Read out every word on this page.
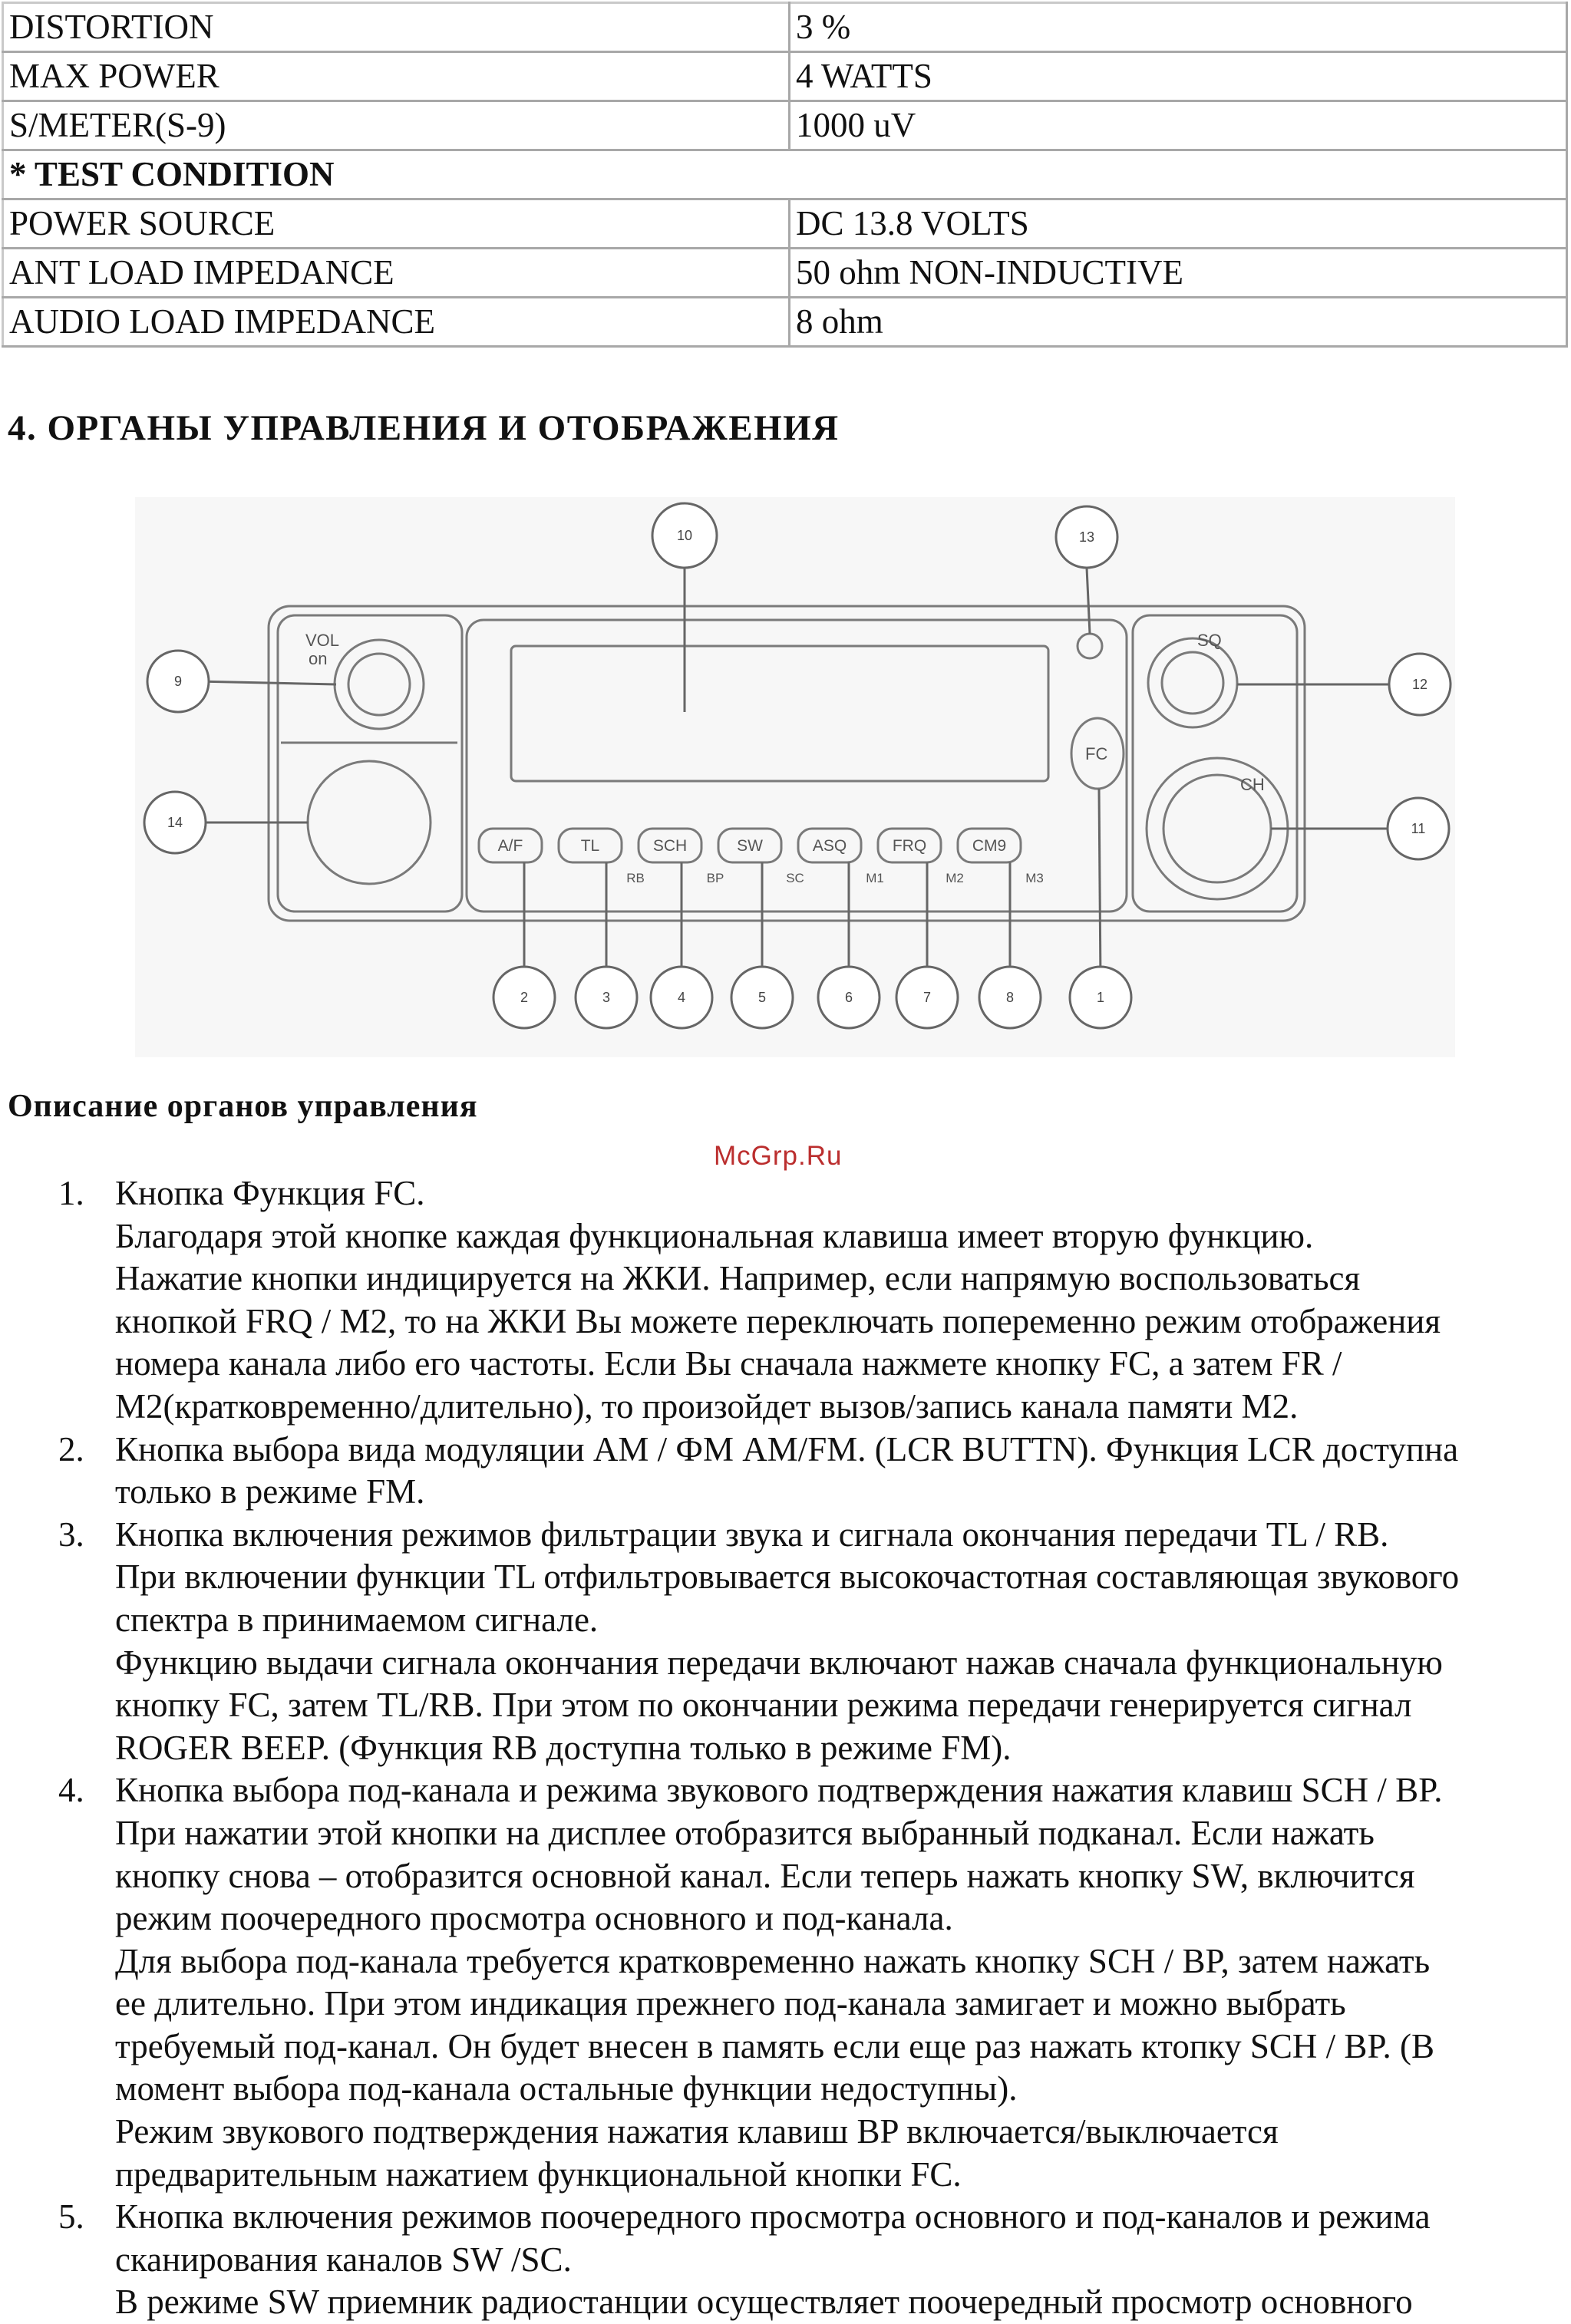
DISTORTION	3 %
MAX POWER	4 WATTS
S/METER(S-9)	1000 uV
* TEST CONDITION	
POWER SOURCE	DC 13.8 VOLTS
ANT LOAD IMPEDANCE	50 ohm NON-INDUCTIVE
AUDIO LOAD IMPEDANCE	8 ohm
4. ОРГАНЫ УПРАВЛЕНИЯ И ОТОБРАЖЕНИЯ
VOL
on
SQ
CH
FC
A/F	TL	SCH	SW	ASQ	FRQ	CM9
RB	BP	SC	M1	M2	M3
10	13
9
14
12
11
2	3	4	5	6	7	8	1
Описание органов управления
McGrp.Ru
1. Кнопка Функция FC.
Благодаря этой кнопке каждая функциональная клавиша имеет вторую функцию.
Нажатие кнопки индицируется на ЖКИ. Например, если напрямую воспользоваться
кнопкой FRQ / M2, то на ЖКИ Вы можете переключать попеременно режим отображения
номера канала либо его частоты. Если Вы сначала нажмете кнопку FC, а затем FR /
M2(кратковременно/длительно), то произойдет вызов/запись канала памяти М2.
2. Кнопка выбора вида модуляции АМ / ФМ AM/FM. (LCR BUTTN). Функция LCR доступна
только в режиме FM.
3. Кнопка включения режимов фильтрации звука и сигнала окончания передачи TL / RB.
При включении функции TL отфильтровывается высокочастотная составляющая звукового
спектра в принимаемом сигнале.
Функцию выдачи сигнала окончания передачи включают нажав сначала функциональную
кнопку FC, затем TL/RB. При этом по окончании режима передачи генерируется сигнал
ROGER BEEP. (Функция RB доступна только в режиме FM).
4. Кнопка выбора под-канала и режима звукового подтверждения нажатия клавиш SCH / BP.
При нажатии этой кнопки на дисплее отобразится выбранный подканал. Если нажать
кнопку снова – отобразится основной канал. Если теперь нажать кнопку SW, включится
режим поочередного просмотра основного и под-канала.
Для выбора под-канала требуется кратковременно нажать кнопку SCH / BP, затем нажать
ее длительно. При этом индикация прежнего под-канала замигает и можно выбрать
требуемый под-канал. Он будет внесен в память если еще раз нажать ктопку SCH / BP. (В
момент выбора под-канала остальные функции недоступны).
Режим звукового подтверждения нажатия клавиш BP включается/выключается
предварительным нажатием функциональной кнопки FC.
5. Кнопка включения режимов поочередного просмотра основного и под-каналов и режима
сканирования каналов SW /SC.
В режиме SW приемник радиостанции осуществляет поочередный просмотр основного
